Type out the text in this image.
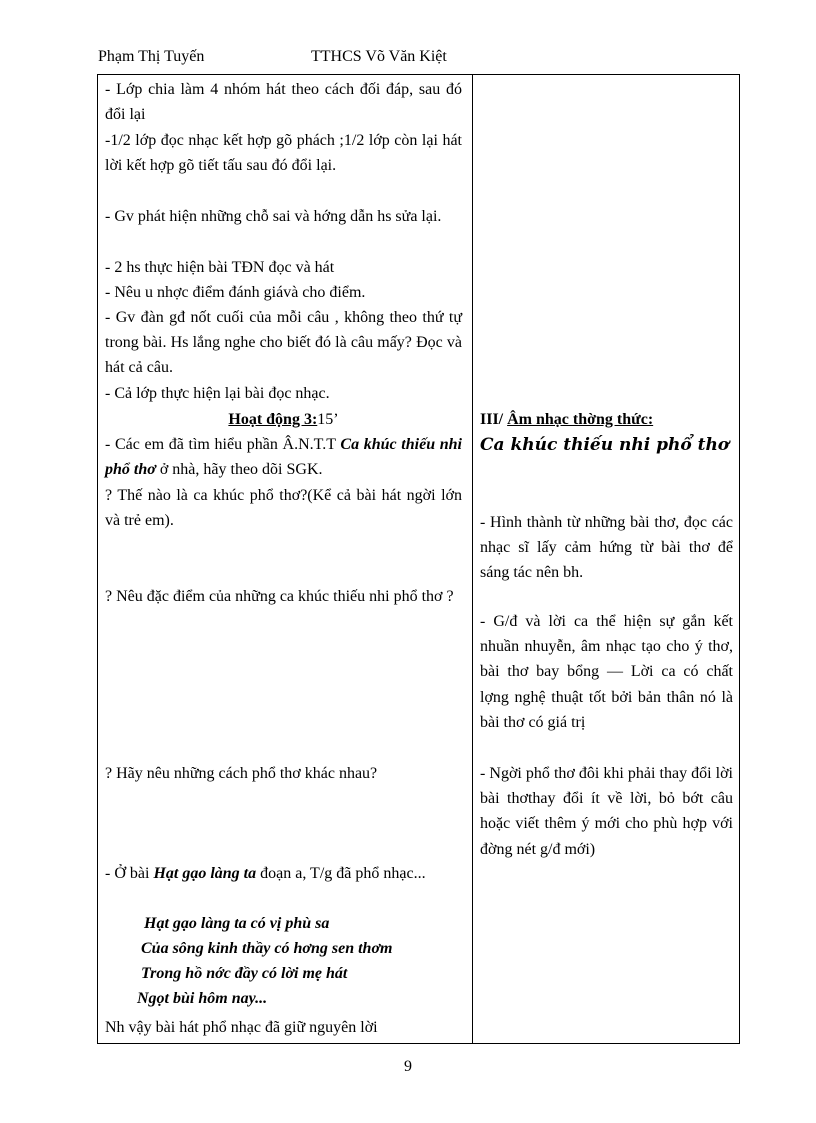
Phạm Thị Tuyến	TTHCS Võ Văn Kiệt
- Lớp chia làm 4 nhóm hát theo cách đối đáp, sau đó đổi lại
-1/2 lớp đọc nhạc kết hợp gõ phách ;1/2 lớp còn lại hát lời kết hợp gõ tiết tấu sau đó đổi lại.
- Gv phát hiện những chỗ sai và hớng dẫn hs sửa lại.
- 2 hs thực hiện bài TĐN đọc và hát
- Nêu u nhợc điểm đánh giávà cho điểm.
- Gv đàn gđ nốt cuối của mỗi câu , không theo thứ tự trong bài. Hs lắng nghe cho biết đó là câu mấy? Đọc và hát cả câu.
- Cả lớp thực hiện lại bài đọc nhạc.
Hoạt động 3:15’
- Các em đã tìm hiểu phần Â.N.T.T Ca khúc thiếu nhi phổ thơ ở nhà, hãy theo dõi SGK.
? Thế nào là ca khúc phổ thơ?(Kể cả bài hát ngời lớn và trẻ em).
? Nêu đặc điểm của những ca khúc thiếu nhi phổ thơ ?
? Hãy nêu những cách phổ thơ khác nhau?
- Ở bài Hạt gạo làng ta đoạn a, T/g đã phổ nhạc...
Hạt gạo làng ta có vị phù sa
Của sông kinh thầy có hơng sen thơm
Trong hồ nớc đầy có lời mẹ hát
Ngọt bùi hôm nay...
Nh vậy bài hát phổ nhạc đã giữ nguyên lời
III/ Âm nhạc thờng thức:
Ca khúc thiếu nhi phổ thơ
- Hình thành từ những bài thơ, đọc các nhạc sĩ lấy cảm hứng từ bài thơ để sáng tác nên bh.
- G/đ và lời ca thể hiện sự gắn kết nhuần nhuyễn, âm nhạc tạo cho ý thơ, bài thơ bay bổng — Lời ca có chất lợng nghệ thuật tốt bởi bản thân nó là bài thơ có giá trị
- Ngời phổ thơ đôi khi phải thay đổi lời bài thơthay đổi ít về lời, bỏ bớt câu hoặc viết thêm ý mới cho phù hợp với đờng nét g/đ mới)
9
